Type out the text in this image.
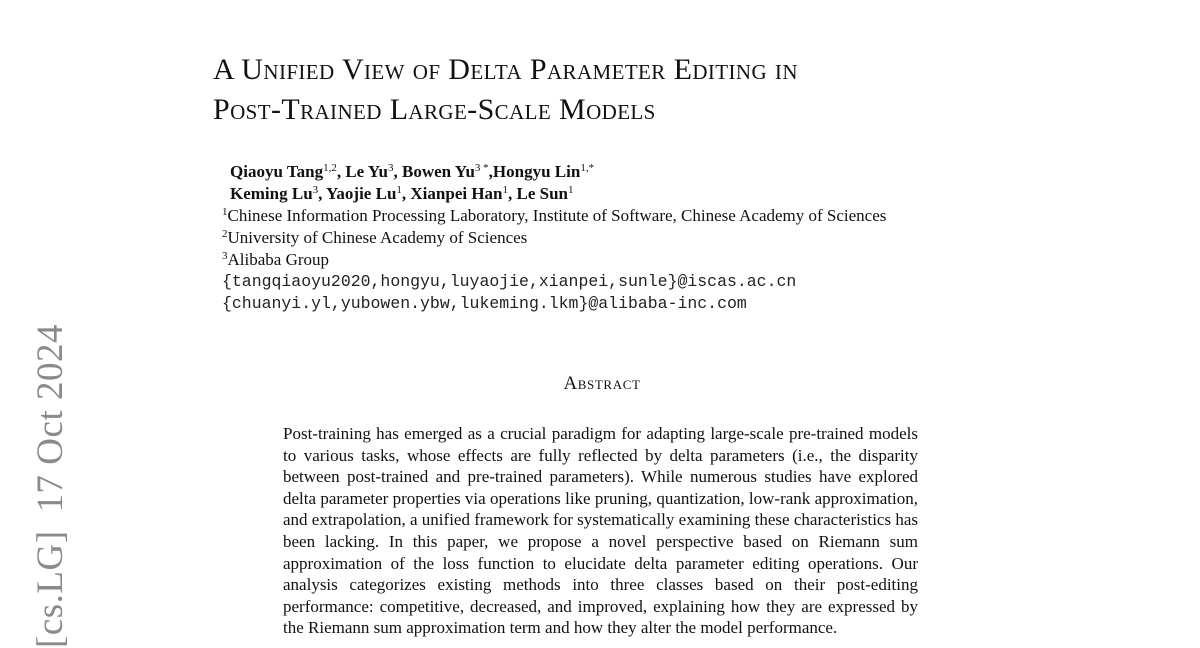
[cs.LG]17 Oct 2024
A Unified View of Delta Parameter Editing in
Post-Trained Large-Scale Models
Qiaoyu Tang$^{1,2}$, Le Yu$^3$, Bowen $Yu^{3 *},Hongyu$ Lin$^{1,*}$
Keming Lu$^3$, Yaojie Lu$^1$, Xianpei Han$^1$, Le Sun$^1$
$^1$Chinese Information Processing Laboratory, Institute of Software, Chinese Academy of Sciences
$^2$University of Chinese Academy of Sciences
$^3$Alibaba Group
{tangqiaoyu2020,hongyu,luyaojie,xianpei,sunle}@iscas.ac.cn
{chuanyi.yl,yubowen.ybw,lukeming.lkm}@alibaba-inc.com
Abstract

Post-training has emerged as a crucial paradigm for adapting large-scale pre-trained models to various tasks, whose effects are fully reflected by delta parameters (i.e., the disparity between post-trained and pre-trained parameters). While numerous studies have explored delta parameter properties via operations like pruning, quantization, low-rank approximation, and extrapolation, a unified framework for systematically examining these characteristics has been lacking. In this paper, we propose a novel perspective based on Riemann sum approximation of the loss function to elucidate delta parameter editing operations. Our analysis categorizes existing methods into three classes based on their post-editing performance: competitive, decreased, and improved, explaining how they are expressed by the Riemann sum approximation term and how they alter the model performance.
